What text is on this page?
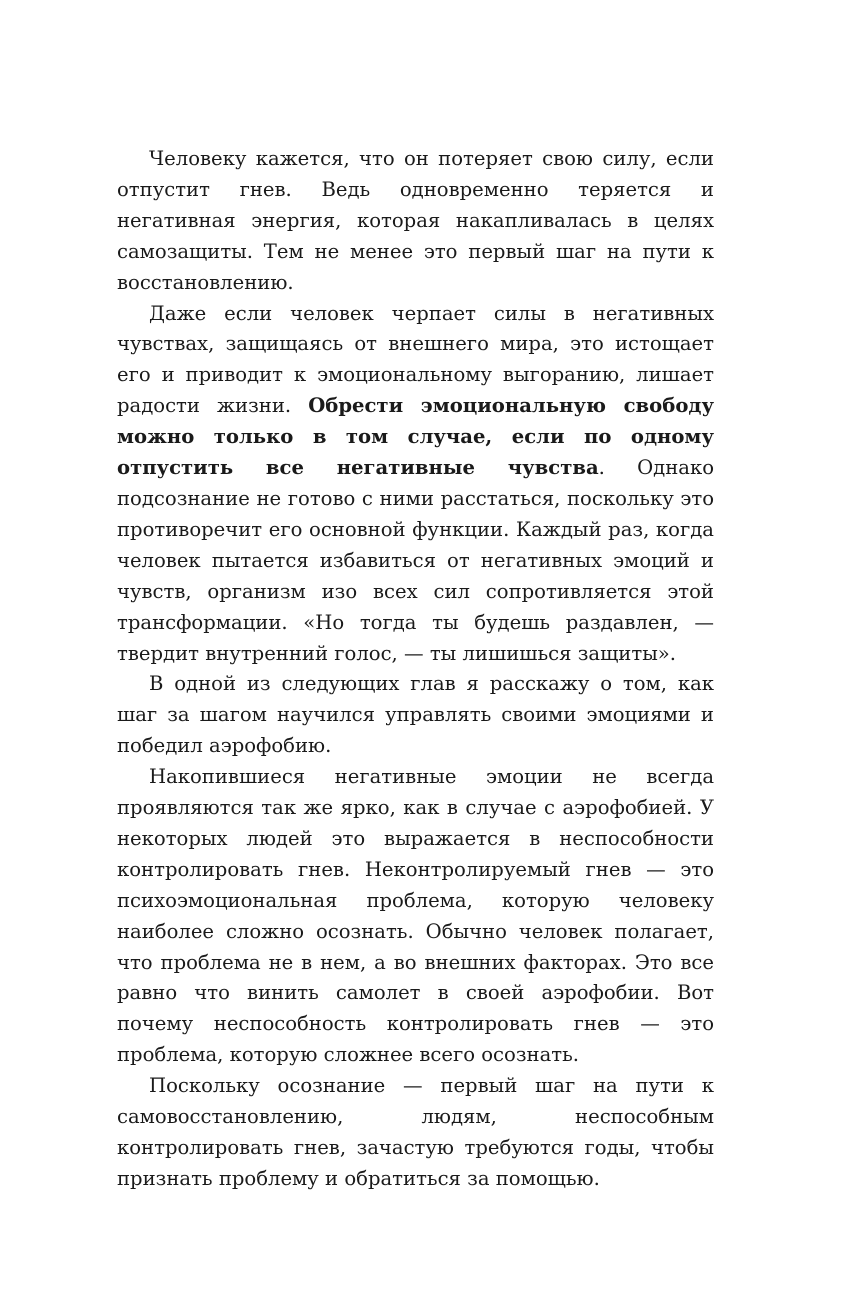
Человеку кажется, что он потеряет свою силу, если отпустит гнев. Ведь одновременно теряется и негативная энергия, которая накапливалась в целях самозащиты. Тем не менее это первый шаг на пути к восстановлению.

Даже если человек черпает силы в негативных чувствах, защищаясь от внешнего мира, это истощает его и приводит к эмоциональному выгоранию, лишает радости жизни. Обрести эмоциональную свободу можно только в том случае, если по одному отпустить все негативные чувства. Однако подсознание не готово с ними расстаться, поскольку это противоречит его основной функции. Каждый раз, когда человек пытается избавиться от негативных эмоций и чувств, организм изо всех сил сопротивляется этой трансформации. «Но тогда ты будешь раздавлен, — твердит внутренний голос, — ты лишишься защиты».

В одной из следующих глав я расскажу о том, как шаг за шагом научился управлять своими эмоциями и победил аэрофобию.

Накопившиеся негативные эмоции не всегда проявляются так же ярко, как в случае с аэрофобией. У некоторых людей это выражается в неспособности контролировать гнев. Неконтролируемый гнев — это психоэмоциональная проблема, которую человеку наиболее сложно осознать. Обычно человек полагает, что проблема не в нем, а во внешних факторах. Это все равно что винить самолет в своей аэрофобии. Вот почему неспособность контролировать гнев — это проблема, которую сложнее всего осознать.

Поскольку осознание — первый шаг на пути к самовосстановлению, людям, неспособным контролировать гнев, зачастую требуются годы, чтобы признать проблему и обратиться за помощью.
